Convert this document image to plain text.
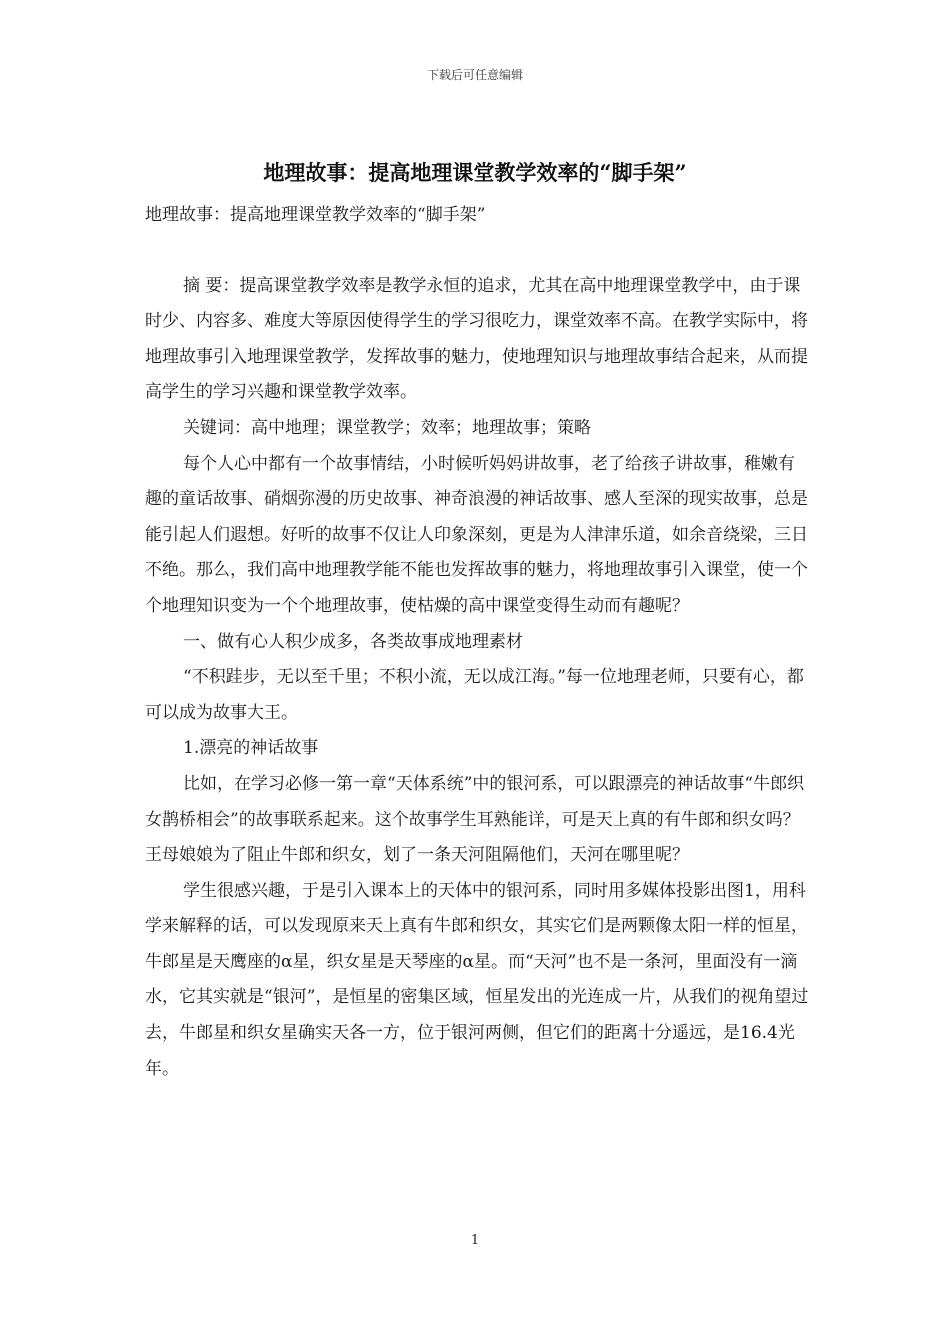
下载后可任意编辑
地理故事：提高地理课堂教学效率的“脚手架”

地理故事：提高地理课堂教学效率的“脚手架”

摘 要：提高课堂教学效率是教学永恒的追求，尤其在高中地理课堂教学中，由于课时少、内容多、难度大等原因使得学生的学习很吃力，课堂效率不高。在教学实际中，将地理故事引入地理课堂教学，发挥故事的魅力，使地理知识与地理故事结合起来，从而提高学生的学习兴趣和课堂教学效率。

关键词：高中地理；课堂教学；效率；地理故事；策略

每个人心中都有一个故事情结，小时候听妈妈讲故事，老了给孩子讲故事，稚嫩有趣的童话故事、硝烟弥漫的历史故事、神奇浪漫的神话故事、感人至深的现实故事，总是能引起人们遐想。好听的故事不仅让人印象深刻，更是为人津津乐道，如余音绕梁，三日不绝。那么，我们高中地理教学能不能也发挥故事的魅力，将地理故事引入课堂，使一个个地理知识变为一个个地理故事，使枯燥的高中课堂变得生动而有趣呢？

一、做有心人积少成多，各类故事成地理素材

“不积跬步，无以至千里；不积小流，无以成江海。”每一位地理老师，只要有心，都可以成为故事大王。

1.漂亮的神话故事

比如，在学习必修一第一章“天体系统”中的银河系，可以跟漂亮的神话故事“牛郎织女鹊桥相会”的故事联系起来。这个故事学生耳熟能详，可是天上真的有牛郎和织女吗？王母娘娘为了阻止牛郎和织女，划了一条天河阻隔他们，天河在哪里呢？

学生很感兴趣，于是引入课本上的天体中的银河系，同时用多媒体投影出图1，用科学来解释的话，可以发现原来天上真有牛郎和织女，其实它们是两颗像太阳一样的恒星，牛郎星是天鹰座的α星，织女星是天琴座的α星。而“天河”也不是一条河，里面没有一滴水，它其实就是“银河”，是恒星的密集区域，恒星发出的光连成一片，从我们的视角望过去，牛郎星和织女星确实天各一方，位于银河两侧，但它们的距离十分遥远，是16.4光年。

1
